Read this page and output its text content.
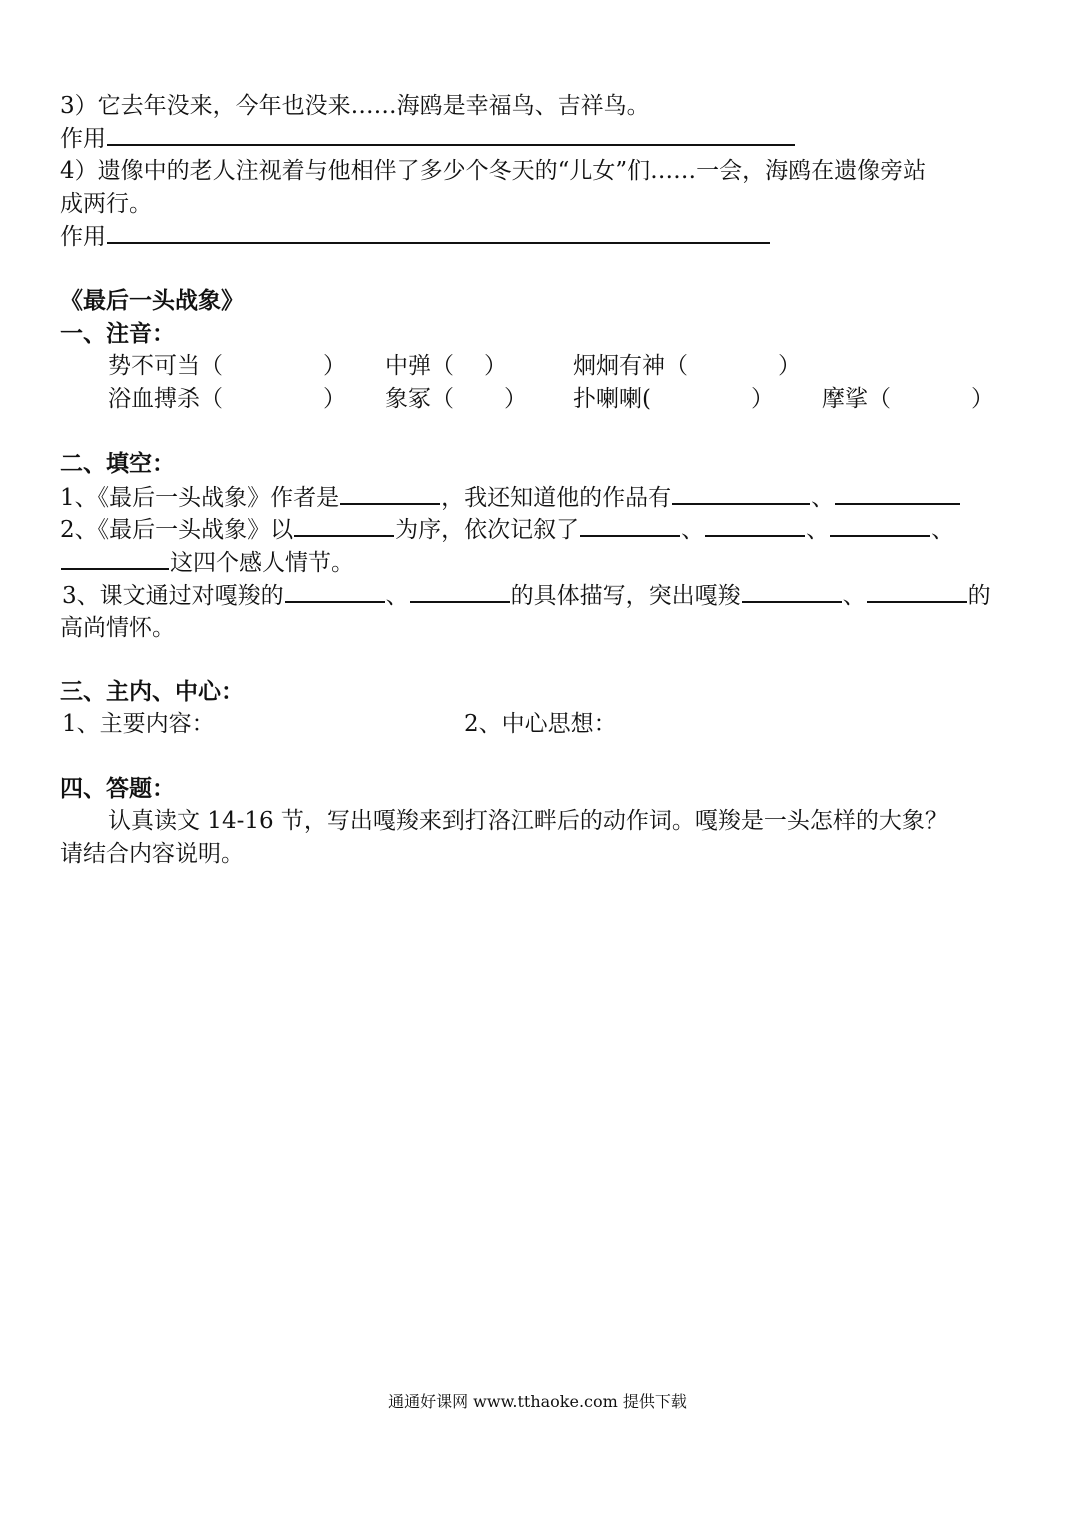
3）它去年没来，今年也没来……海鸥是幸福鸟、吉祥鸟。
作用
4）遗像中的老人注视着与他相伴了多少个冬天的“儿女”们……一会，海鸥在遗像旁站
成两行。
作用
《最后一头战象》
一、注音：
势不可当（	） 中弹（ ）	炯炯有神（	）
浴血搏杀（	） 象冢（ ） 扑喇喇(	） 摩挲（	）
二、填空：
1、《最后一头战象》作者是	，我还知道他的作品有	、
2、《最后一头战象》以	为序，依次记叙了	、	、	、
这四个感人情节。
3、课文通过对嘎羧的	、	的具体描写，突出嘎羧	、	的
高尚情怀。
三、主内、中心：
1、主要内容：	2、中心思想：
四、答题：
认真读文 14-16 节，写出嘎羧来到打洛江畔后的动作词。嘎羧是一头怎样的大象？
请结合内容说明。
通通好课网 www.tthaoke.com 提供下载
